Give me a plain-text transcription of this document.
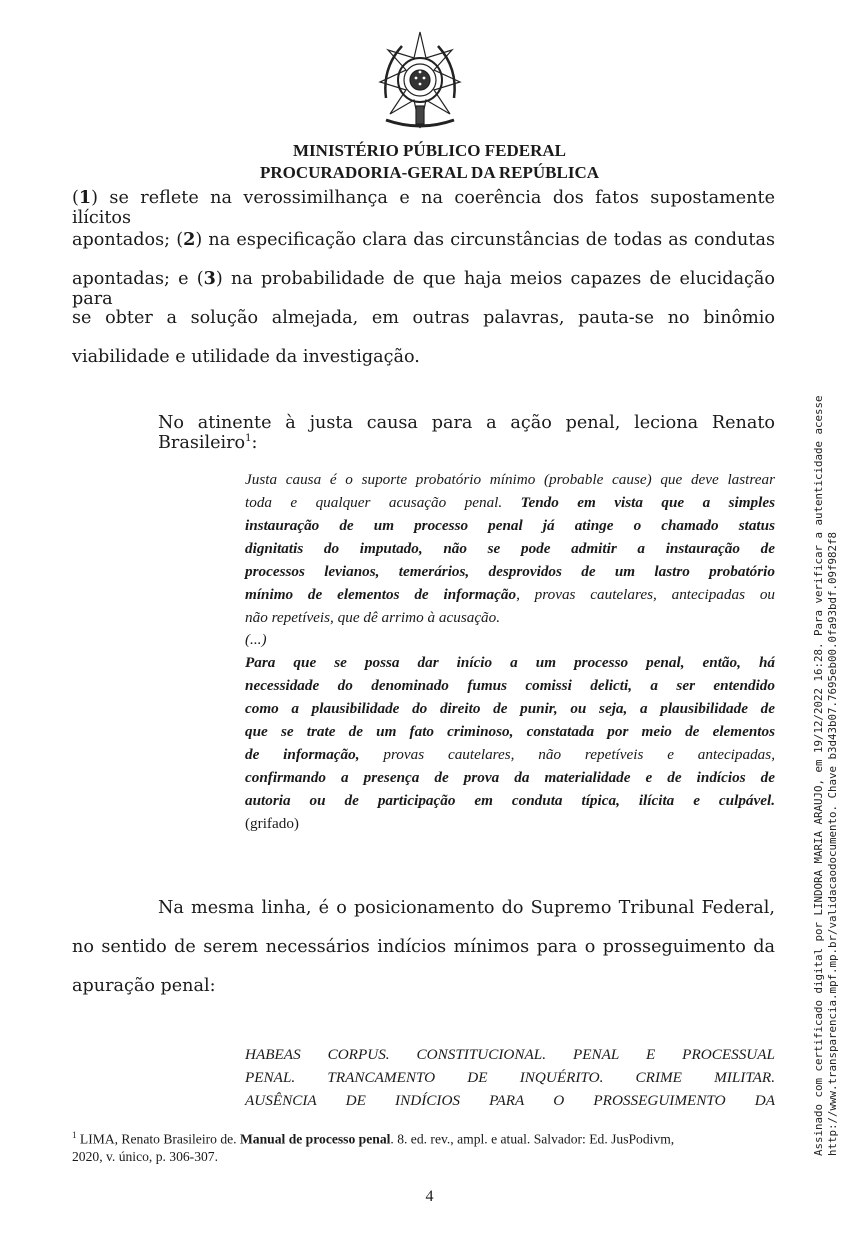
MINISTÉRIO PÚBLICO FEDERAL
PROCURADORIA-GERAL DA REPÚBLICA
(1) se reflete na verossimilhança e na coerência dos fatos supostamente ilícitos
apontados; (2) na especificação clara das circunstâncias de todas as condutas
apontadas; e (3) na probabilidade de que haja meios capazes de elucidação para
se obter a solução almejada, em outras palavras, pauta-se no binômio
viabilidade e utilidade da investigação.
No atinente à justa causa para a ação penal, leciona Renato Brasileiro$^1$:
Justa causa é o suporte probatório mínimo (probable cause) que deve lastrear
toda e qualquer acusação penal. Tendo em vista que a simples
instauração de um processo penal já atinge o chamado status
dignitatis do imputado, não se pode admitir a instauração de
processos levianos, temerários, desprovidos de um lastro probatório
mínimo de elementos de informação, provas cautelares, antecipadas ou
não repetíveis, que dê arrimo à acusação.
(...)
Para que se possa dar início a um processo penal, então, há
necessidade do denominado fumus comissi delicti, a ser entendido
como a plausibilidade do direito de punir, ou seja, a plausibilidade de
que se trate de um fato criminoso, constatada por meio de elementos
de informação, provas cautelares, não repetíveis e antecipadas,
confirmando a presença de prova da materialidade e de indícios de
autoria ou de participação em conduta típica, ilícita e culpável.
(grifado)
Na mesma linha, é o posicionamento do Supremo Tribunal Federal,
no sentido de serem necessários indícios mínimos para o prosseguimento da
apuração penal:
HABEAS CORPUS. CONSTITUCIONAL. PENAL E PROCESSUAL
PENAL. TRANCAMENTO DE INQUÉRITO. CRIME MILITAR.
AUSÊNCIA DE INDÍCIOS PARA O PROSSEGUIMENTO DA
$^1$ LIMA, Renato Brasileiro de. Manual de processo penal. 8. ed. rev., ampl. e atual. Salvador: Ed. JusPodivm,
2020, v. único, p. 306-307.
4
Assinado com certificado digital por LINDORA MARIA ARAUJO, em 19/12/2022 16:28. Para verificar a autenticidade acesse http://www.transparencia.mpf.mp.br/validacaodocumento. Chave b3d43b07.7695eb00.0fa93bdf.09f982f8
